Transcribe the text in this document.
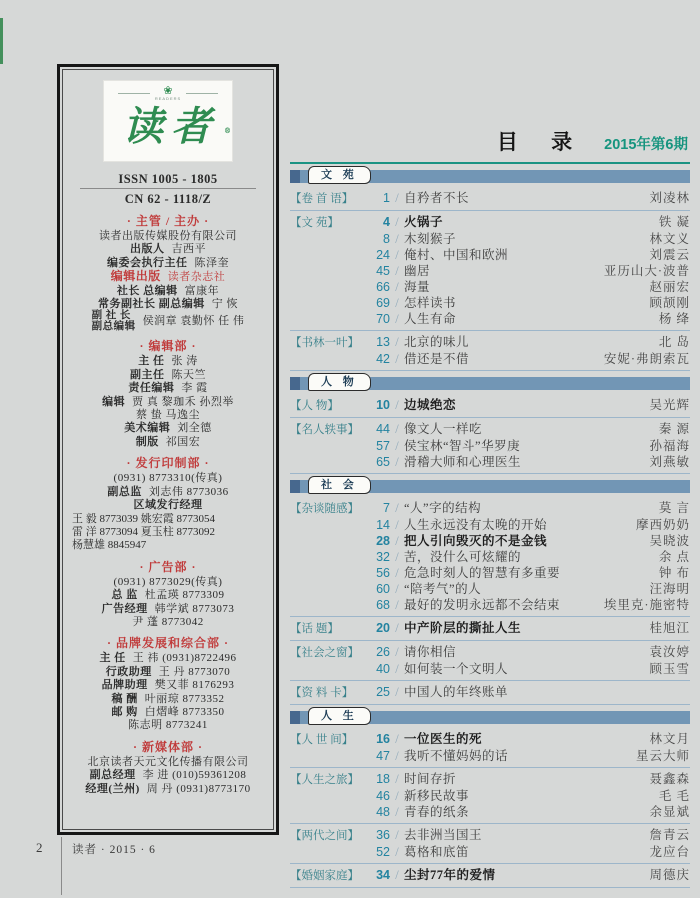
❀
READERS
读者 ®
ISSN 1005 - 1805
CN 62 - 1118/Z
· 主管 / 主办 ·
读者出版传媒股份有限公司
出版人 吉西平
编委会执行主任 陈泽奎
编辑出版 读者杂志社
社长 总编辑 富康年
常务副社长 副总编辑 宁 恢
副 社 长
副总编辑 侯润章 袁勤怀 任 伟
· 编辑部 ·
主 任 张 涛
副主任 陈天竺
责任编辑 李 霞
编辑 贾 真 黎珈禾 孙烈举
蔡 蛰 马逸尘
美术编辑 刘全德
制版 祁国宏
· 发行印制部 ·
(0931) 8773310(传真)
副总监 刘志伟 8773036
区域发行经理
王 毅 8773039 姚宏霞 8773054
雷 洋 8773094 夏玉柱 8773092
杨慧雄 8845947
· 广告部 ·
(0931) 8773029(传真)
总 监 杜孟瑛 8773309
广告经理 韩学斌 8773073
尹 蓬 8773042
· 品牌发展和综合部 ·
主 任 王 祎 (0931)8722496
行政助理 王 丹 8773070
品牌助理 樊又菲 8176293
稿 酬 叶丽琼 8773352
邮 购 白熠峰 8773350
陈志明 8773241
· 新媒体部 ·
北京读者天元文化传播有限公司
副总经理 李 进 (010)59361208
经理(兰州) 周 丹 (0931)8773170
目 录 2015年第6期
文 苑
【 卷 首 语 】	1 / 自矜者不长	刘凌林
【 文 苑 】	4 / 火锅子	铁 凝
8 / 木刻猴子	林文义
24 / 俺村、中国和欧洲	刘震云
45 / 幽居	亚历山大·波普
66 / 海量	赵丽宏
69 / 怎样读书	顾颉刚
70 / 人生有命	杨 绛
【 书林一叶 】	13 / 北京的味儿	北 岛
42 / 借还是不借	安妮·弗朗索瓦
人 物
【 人 物 】	10 / 边城绝恋	吴光辉
【 名人轶事 】	44 / 像文人一样吃	秦 源
57 / 侯宝林“智斗”华罗庚	孙福海
65 / 滑稽大师和心理医生	刘燕敏
社 会
【 杂谈随感 】	7 / “人”字的结构	莫 言
14 / 人生永远没有太晚的开始	摩西奶奶
28 / 把人引向毁灭的不是金钱	吴晓波
32 / 苦，没什么可炫耀的	余 点
56 / 危急时刻人的智慧有多重要	钟 布
60 / “陪考气”的人	汪海明
68 / 最好的发明永远都不会结束	埃里克·施密特
【 话 题 】	20 / 中产阶层的撕扯人生	桂旭江
【 社会之窗 】	26 / 请你相信	袁汝婷
40 / 如何装一个文明人	顾玉雪
【 资 料 卡 】	25 / 中国人的年终账单
人 生
【 人 世 间 】	16 / 一位医生的死	林文月
47 / 我听不懂妈妈的话	星云大师
【 人生之旅 】	18 / 时间存折	聂鑫森
46 / 新移民故事	毛 毛
48 / 青春的纸条	余显斌
【 两代之间 】	36 / 去非洲当国王	詹青云
52 / 葛格和底笛	龙应台
【 婚姻家庭 】	34 / 尘封77年的爱情	周德庆
2	读者 · 2015 · 6
